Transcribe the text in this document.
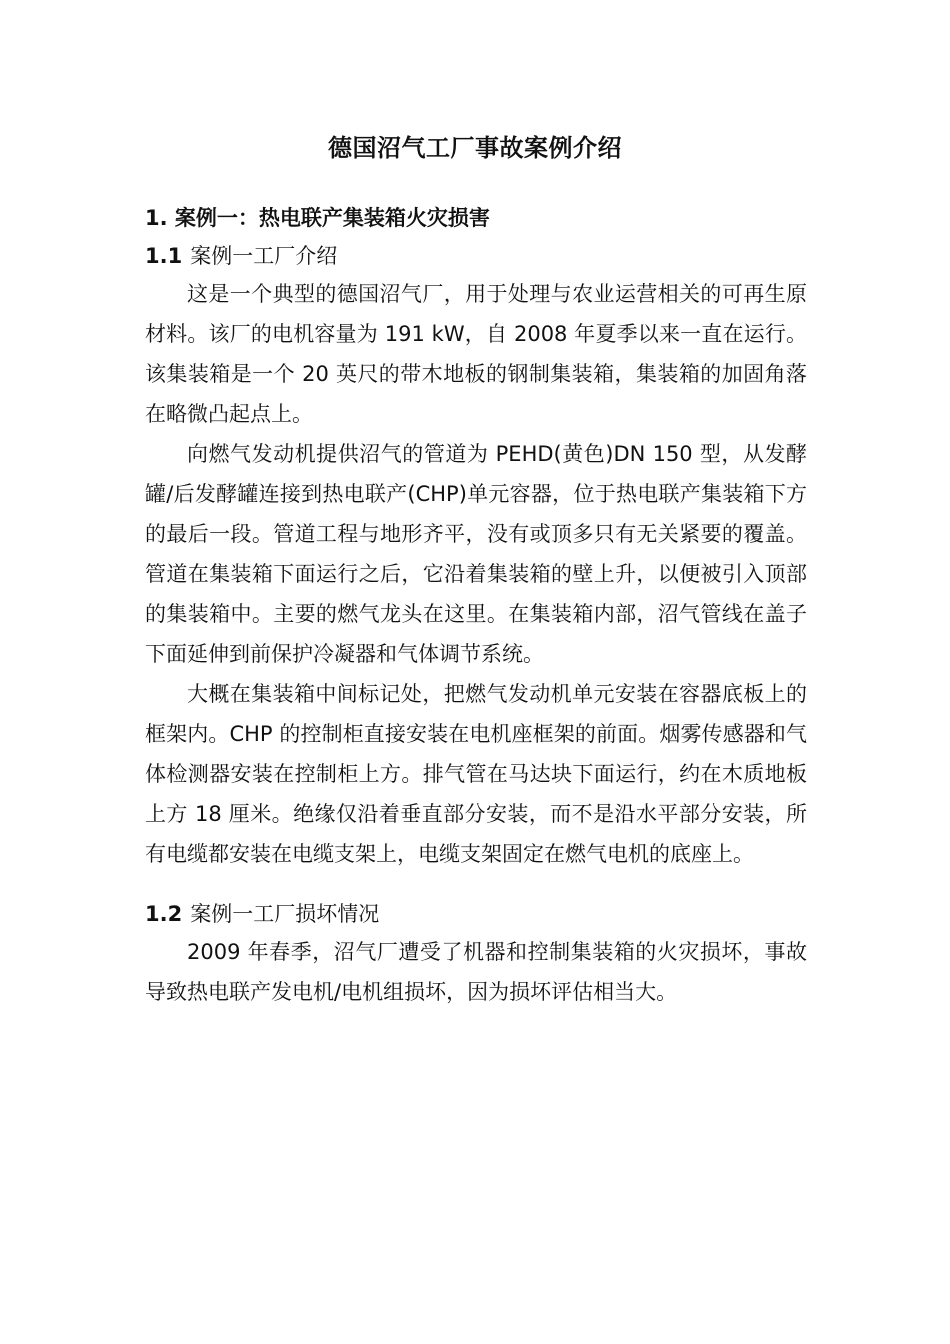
德国沼气工厂事故案例介绍
1. 案例一：热电联产集装箱火灾损害
1.1 案例一工厂介绍

这是一个典型的德国沼气厂，用于处理与农业运营相关的可再生原材料。该厂的电机容量为 191 kW，自 2008 年夏季以来一直在运行。该集装箱是一个 20 英尺的带木地板的钢制集装箱，集装箱的加固角落在略微凸起点上。

向燃气发动机提供沼气的管道为 PEHD(黄色)DN 150 型，从发酵罐/后发酵罐连接到热电联产(CHP)单元容器，位于热电联产集装箱下方的最后一段。管道工程与地形齐平，没有或顶多只有无关紧要的覆盖。管道在集装箱下面运行之后，它沿着集装箱的壁上升，以便被引入顶部的集装箱中。主要的燃气龙头在这里。在集装箱内部，沼气管线在盖子下面延伸到前保护冷凝器和气体调节系统。

大概在集装箱中间标记处，把燃气发动机单元安装在容器底板上的框架内。CHP 的控制柜直接安装在电机座框架的前面。烟雾传感器和气体检测器安装在控制柜上方。排气管在马达块下面运行，约在木质地板上方 18 厘米。绝缘仅沿着垂直部分安装，而不是沿水平部分安装，所有电缆都安装在电缆支架上，电缆支架固定在燃气电机的底座上。

1.2 案例一工厂损坏情况

2009 年春季，沼气厂遭受了机器和控制集装箱的火灾损坏，事故导致热电联产发电机/电机组损坏，因为损坏评估相当大。
